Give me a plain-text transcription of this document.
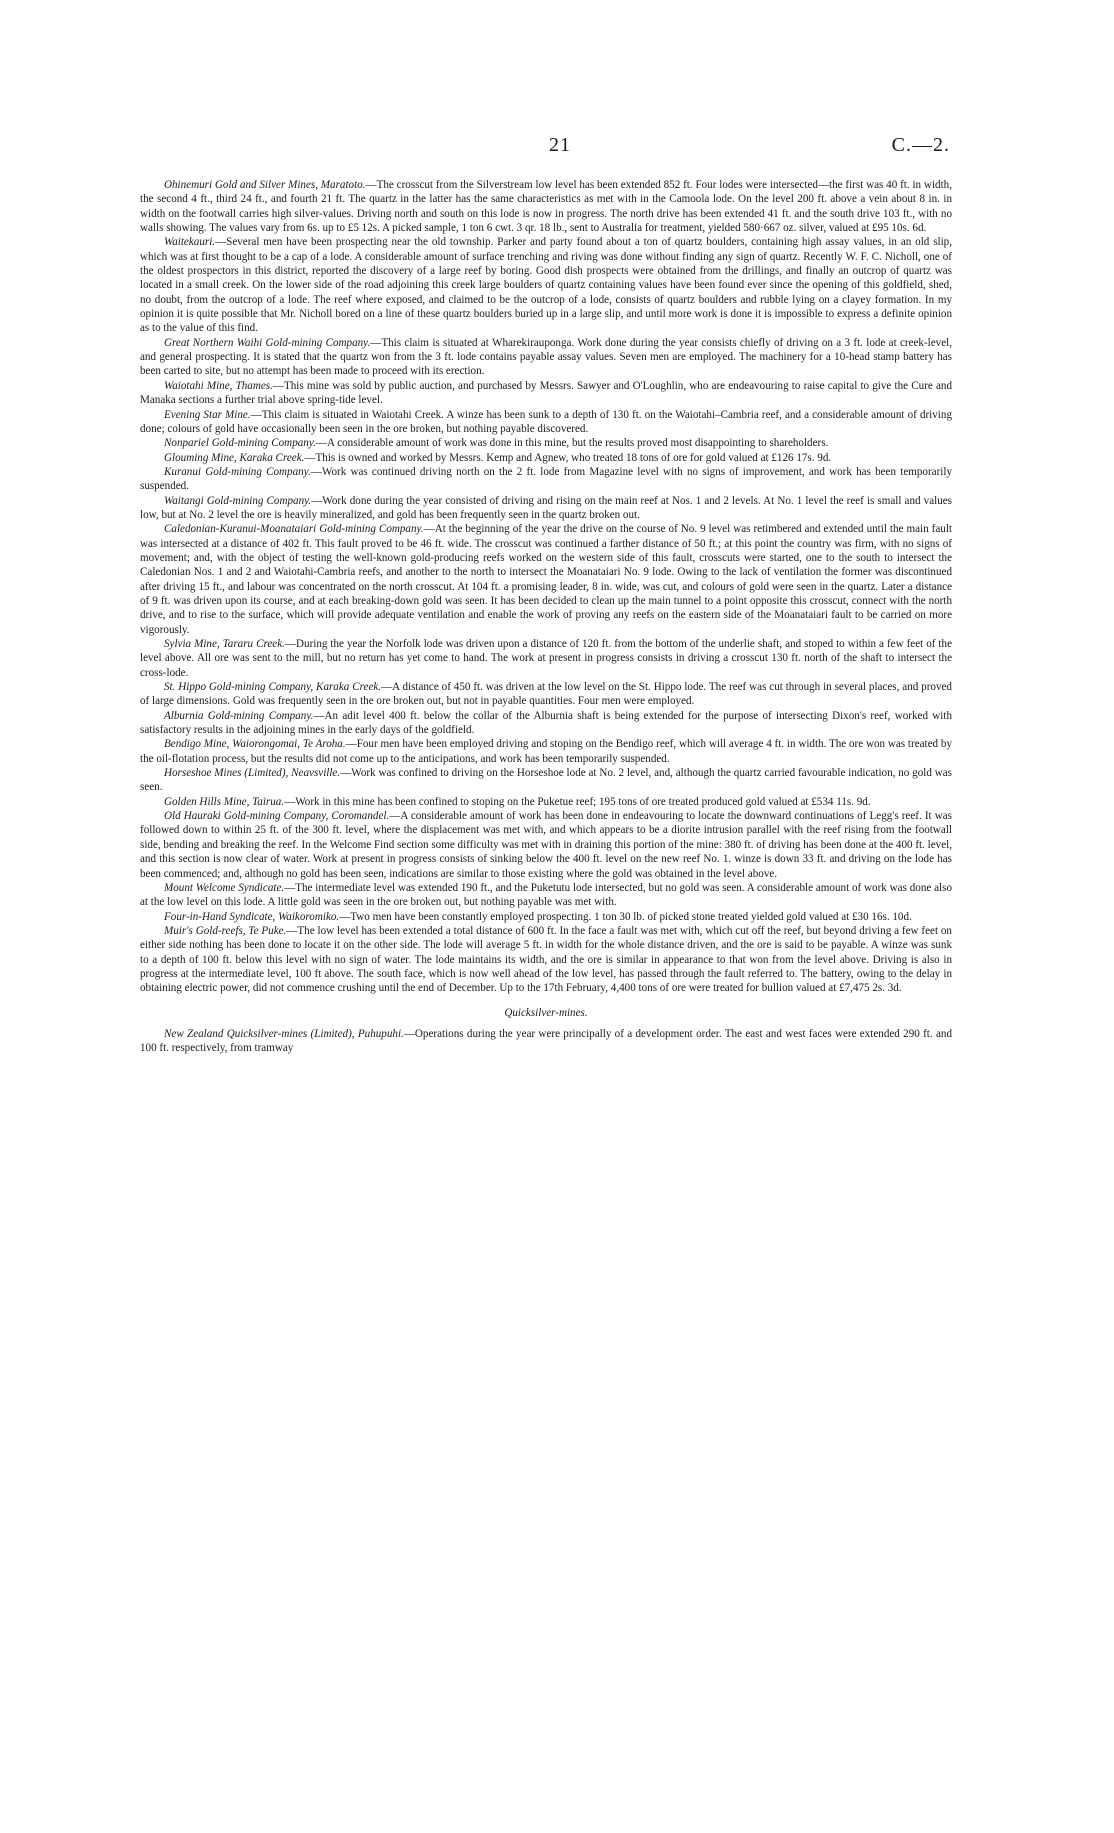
21	C.—2.

Ohinemuri Gold and Silver Mines, Maratoto.—The crosscut from the Silverstream low level has been extended 852 ft. Four lodes were intersected—the first was 40 ft. in width, the second 4 ft., third 24 ft., and fourth 21 ft. The quartz in the latter has the same characteristics as met with in the Camoola lode. On the level 200 ft. above a vein about 8 in. in width on the footwall carries high silver-values. Driving north and south on this lode is now in progress. The north drive has been extended 41 ft. and the south drive 103 ft., with no walls showing. The values vary from 6s. up to £5 12s. A picked sample, 1 ton 6 cwt. 3 qr. 18 lb., sent to Australia for treatment, yielded 580·667 oz. silver, valued at £95 10s. 6d.

Waitekauri.—Several men have been prospecting near the old township. Parker and party found about a ton of quartz boulders, containing high assay values, in an old slip, which was at first thought to be a cap of a lode. A considerable amount of surface trenching and riving was done without finding any sign of quartz. Recently W. F. C. Nicholl, one of the oldest prospectors in this district, reported the discovery of a large reef by boring. Good dish prospects were obtained from the drillings, and finally an outcrop of quartz was located in a small creek. On the lower side of the road adjoining this creek large boulders of quartz containing values have been found ever since the opening of this goldfield, shed, no doubt, from the outcrop of a lode. The reef where exposed, and claimed to be the outcrop of a lode, consists of quartz boulders and rubble lying on a clayey formation. In my opinion it is quite possible that Mr. Nicholl bored on a line of these quartz boulders buried up in a large slip, and until more work is done it is impossible to express a definite opinion as to the value of this find.

Great Northern Waihi Gold-mining Company.—This claim is situated at Wharekirauponga. Work done during the year consists chiefly of driving on a 3 ft. lode at creek-level, and general prospecting. It is stated that the quartz won from the 3 ft. lode contains payable assay values. Seven men are employed. The machinery for a 10-head stamp battery has been carted to site, but no attempt has been made to proceed with its erection.

Waiotahi Mine, Thames.—This mine was sold by public auction, and purchased by Messrs. Sawyer and O'Loughlin, who are endeavouring to raise capital to give the Cure and Manaka sections a further trial above spring-tide level.

Evening Star Mine.—This claim is situated in Waiotahi Creek. A winze has been sunk to a depth of 130 ft. on the Waiotahi–Cambria reef, and a considerable amount of driving done; colours of gold have occasionally been seen in the ore broken, but nothing payable discovered.

Nonpariel Gold-mining Company.—A considerable amount of work was done in this mine, but the results proved most disappointing to shareholders.

Glouming Mine, Karaka Creek.—This is owned and worked by Messrs. Kemp and Agnew, who treated 18 tons of ore for gold valued at £126 17s. 9d.

Kuranui Gold-mining Company.—Work was continued driving north on the 2 ft. lode from Magazine level with no signs of improvement, and work has been temporarily suspended.

Waitangi Gold-mining Company.—Work done during the year consisted of driving and rising on the main reef at Nos. 1 and 2 levels. At No. 1 level the reef is small and values low, but at No. 2 level the ore is heavily mineralized, and gold has been frequently seen in the quartz broken out.

Caledonian-Kuranui-Moanataiari Gold-mining Company.—At the beginning of the year the drive on the course of No. 9 level was retimbered and extended until the main fault was intersected at a distance of 402 ft. This fault proved to be 46 ft. wide. The crosscut was continued a farther distance of 50 ft.; at this point the country was firm, with no signs of movement; and, with the object of testing the well-known gold-producing reefs worked on the western side of this fault, crosscuts were started, one to the south to intersect the Caledonian Nos. 1 and 2 and Waiotahi-Cambria reefs, and another to the north to intersect the Moanataiari No. 9 lode. Owing to the lack of ventilation the former was discontinued after driving 15 ft., and labour was concentrated on the north crosscut. At 104 ft. a promising leader, 8 in. wide, was cut, and colours of gold were seen in the quartz. Later a distance of 9 ft. was driven upon its course, and at each breaking-down gold was seen. It has been decided to clean up the main tunnel to a point opposite this crosscut, connect with the north drive, and to rise to the surface, which will provide adequate ventilation and enable the work of proving any reefs on the eastern side of the Moanataiari fault to be carried on more vigorously.

Sylvia Mine, Tararu Creek.—During the year the Norfolk lode was driven upon a distance of 120 ft. from the bottom of the underlie shaft, and stoped to within a few feet of the level above. All ore was sent to the mill, but no return has yet come to hand. The work at present in progress consists in driving a crosscut 130 ft. north of the shaft to intersect the cross-lode.

St. Hippo Gold-mining Company, Karaka Creek.—A distance of 450 ft. was driven at the low level on the St. Hippo lode. The reef was cut through in several places, and proved of large dimensions. Gold was frequently seen in the ore broken out, but not in payable quantities. Four men were employed.

Alburnia Gold-mining Company.—An adit level 400 ft. below the collar of the Alburnia shaft is being extended for the purpose of intersecting Dixon's reef, worked with satisfactory results in the adjoining mines in the early days of the goldfield.

Bendigo Mine, Waiorongomai, Te Aroha.—Four men have been employed driving and stoping on the Bendigo reef, which will average 4 ft. in width. The ore won was treated by the oil-flotation process, but the results did not come up to the anticipations, and work has been temporarily suspended.

Horseshoe Mines (Limited), Neavsville.—Work was confined to driving on the Horseshoe lode at No. 2 level, and, although the quartz carried favourable indication, no gold was seen.

Golden Hills Mine, Tairua.—Work in this mine has been confined to stoping on the Puketue reef; 195 tons of ore treated produced gold valued at £534 11s. 9d.

Old Hauraki Gold-mining Company, Coromandel.—A considerable amount of work has been done in endeavouring to locate the downward continuations of Legg's reef. It was followed down to within 25 ft. of the 300 ft. level, where the displacement was met with, and which appears to be a diorite intrusion parallel with the reef rising from the footwall side, bending and breaking the reef. In the Welcome Find section some difficulty was met with in draining this portion of the mine: 380 ft. of driving has been done at the 400 ft. level, and this section is now clear of water. Work at present in progress consists of sinking below the 400 ft. level on the new reef No. 1. winze is down 33 ft. and driving on the lode has been commenced; and, although no gold has been seen, indications are similar to those existing where the gold was obtained in the level above.

Mount Welcome Syndicate.—The intermediate level was extended 190 ft., and the Puketutu lode intersected, but no gold was seen. A considerable amount of work was done also at the low level on this lode. A little gold was seen in the ore broken out, but nothing payable was met with.

Four-in-Hand Syndicate, Waikoromiko.—Two men have been constantly employed prospecting. 1 ton 30 lb. of picked stone treated yielded gold valued at £30 16s. 10d.

Muir's Gold-reefs, Te Puke.—The low level has been extended a total distance of 600 ft. In the face a fault was met with, which cut off the reef, but beyond driving a few feet on either side nothing has been done to locate it on the other side. The lode will average 5 ft. in width for the whole distance driven, and the ore is said to be payable. A winze was sunk to a depth of 100 ft. below this level with no sign of water. The lode maintains its width, and the ore is similar in appearance to that won from the level above. Driving is also in progress at the intermediate level, 100 ft above. The south face, which is now well ahead of the low level, has passed through the fault referred to. The battery, owing to the delay in obtaining electric power, did not commence crushing until the end of December. Up to the 17th February, 4,400 tons of ore were treated for bullion valued at £7,475 2s. 3d.

Quicksilver-mines.

New Zealand Quicksilver-mines (Limited), Puhupuhi.—Operations during the year were principally of a development order. The east and west faces were extended 290 ft. and 100 ft. respectively, from tramway
